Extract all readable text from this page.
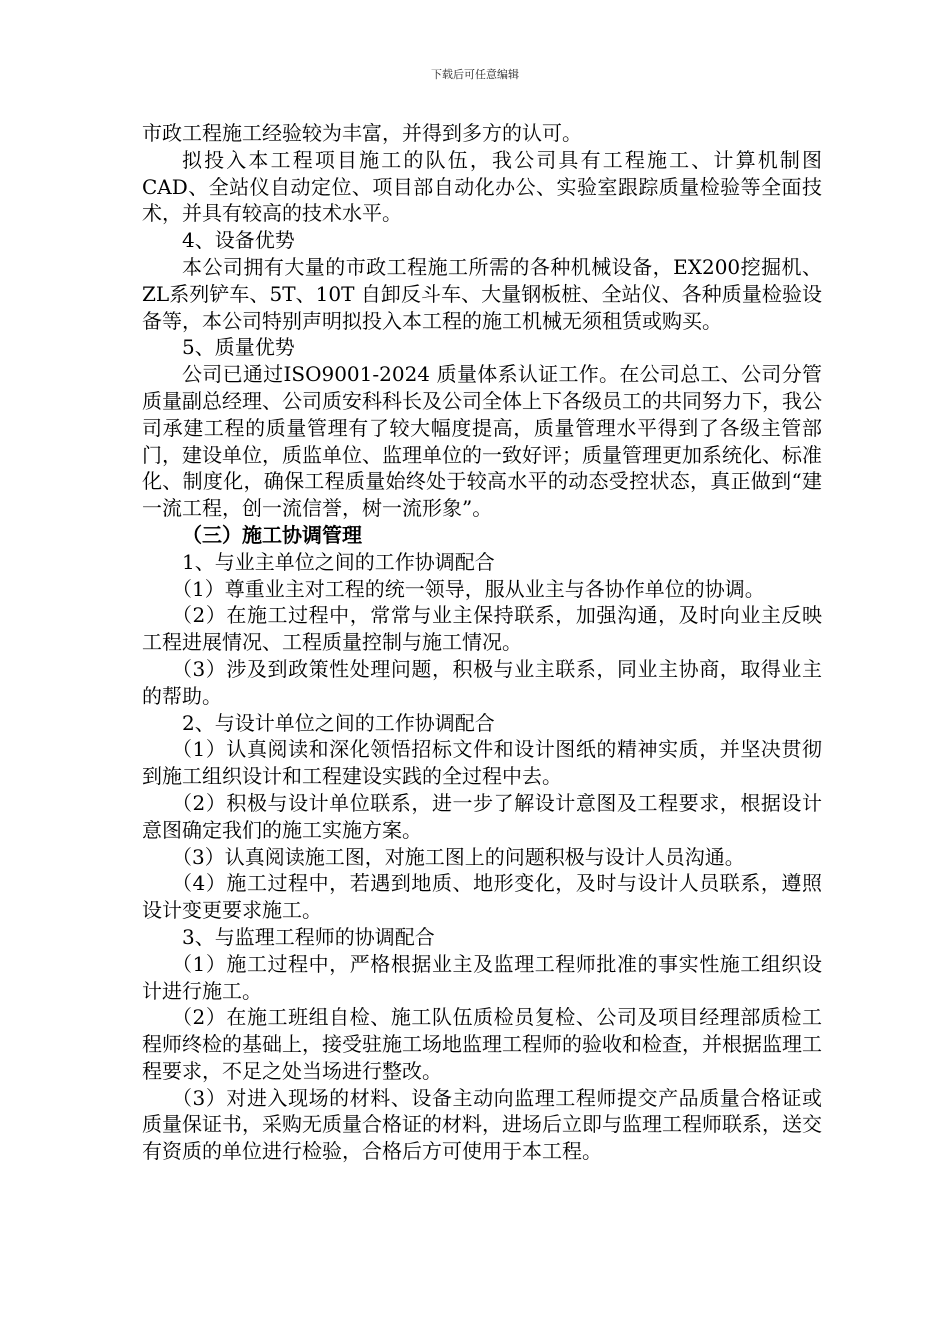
下载后可任意编辑

市政工程施工经验较为丰富，并得到多方的认可。

拟投入本工程项目施工的队伍，我公司具有工程施工、计算机制图CAD、全站仪自动定位、项目部自动化办公、实验室跟踪质量检验等全面技术，并具有较高的技术水平。

4、设备优势

本公司拥有大量的市政工程施工所需的各种机械设备，EX200挖掘机、ZL系列铲车、5T、10T 自卸反斗车、大量钢板桩、全站仪、各种质量检验设备等，本公司特别声明拟投入本工程的施工机械无须租赁或购买。

5、质量优势

公司已通过ISO9001-2024 质量体系认证工作。在公司总工、公司分管质量副总经理、公司质安科科长及公司全体上下各级员工的共同努力下，我公司承建工程的质量管理有了较大幅度提高，质量管理水平得到了各级主管部门，建设单位，质监单位、监理单位的一致好评；质量管理更加系统化、标准化、制度化，确保工程质量始终处于较高水平的动态受控状态，真正做到“建一流工程，创一流信誉，树一流形象”。

（三）施工协调管理

1、与业主单位之间的工作协调配合

（1）尊重业主对工程的统一领导，服从业主与各协作单位的协调。

（2）在施工过程中，常常与业主保持联系，加强沟通，及时向业主反映工程进展情况、工程质量控制与施工情况。

（3）涉及到政策性处理问题，积极与业主联系，同业主协商，取得业主的帮助。

2、与设计单位之间的工作协调配合

（1）认真阅读和深化领悟招标文件和设计图纸的精神实质，并坚决贯彻到施工组织设计和工程建设实践的全过程中去。

（2）积极与设计单位联系，进一步了解设计意图及工程要求，根据设计意图确定我们的施工实施方案。

（3）认真阅读施工图，对施工图上的问题积极与设计人员沟通。

（4）施工过程中，若遇到地质、地形变化，及时与设计人员联系，遵照设计变更要求施工。

3、与监理工程师的协调配合

（1）施工过程中，严格根据业主及监理工程师批准的事实性施工组织设计进行施工。

（2）在施工班组自检、施工队伍质检员复检、公司及项目经理部质检工程师终检的基础上，接受驻施工场地监理工程师的验收和检查，并根据监理工程要求，不足之处当场进行整改。

（3）对进入现场的材料、设备主动向监理工程师提交产品质量合格证或质量保证书，采购无质量合格证的材料，进场后立即与监理工程师联系，送交有资质的单位进行检验，合格后方可使用于本工程。
